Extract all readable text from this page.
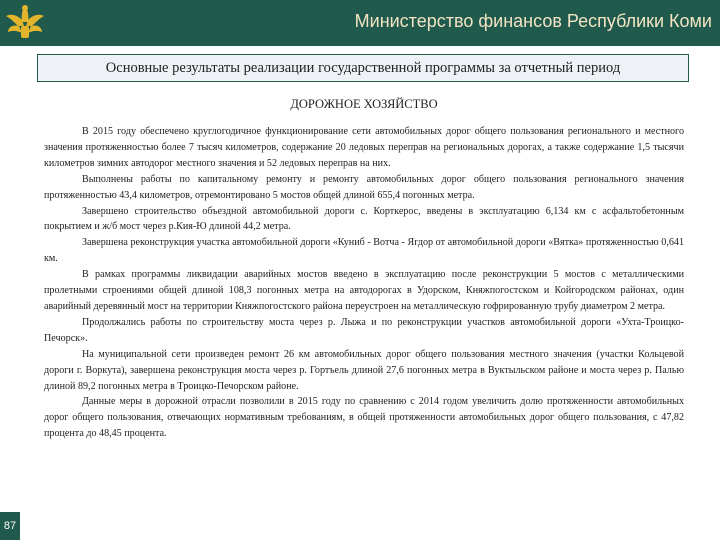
Министерство финансов Республики Коми
87
Основные результаты реализации государственной программы за отчетный период
ДОРОЖНОЕ ХОЗЯЙСТВО

В 2015 году обеспечено круглогодичное функционирование сети автомобильных дорог общего пользования регионального и местного значения протяженностью более 7 тысяч километров, содержание 20 ледовых переправ на региональных дорогах, а также содержание 1,5 тысячи километров зимних автодорог местного значения и 52 ледовых переправ на них.

Выполнены работы по капитальному ремонту и ремонту автомобильных дорог общего пользования регионального значения протяженностью 43,4 километров, отремонтировано 5 мостов общей длиной 655,4 погонных метра.

Завершено строительство объездной автомобильной дороги с. Корткерос, введены в эксплуатацию 6,134 км с асфальтобетонным покрытием и ж/б мост через р.Кия-Ю длиной 44,2 метра.

Завершена реконструкция участка автомобильной дороги «Куниб - Вотча - Ягдор от автомобильной дороги «Вятка» протяженностью 0,641 км.

В рамках программы ликвидации аварийных мостов введено в эксплуатацию после реконструкции 5 мостов с металлическими пролетными строениями общей длиной 108,3 погонных метра на автодорогах в Удорском, Княжпогостском и Койгородском районах, один аварийный деревянный мост на территории Княжпогостского района переустроен на металлическую гофрированную трубу диаметром 2 метра.

Продолжались работы по строительству моста через р. Лыжа и по реконструкции участков автомобильной дороги «Ухта-Троицко-Печорск».

На муниципальной сети произведен ремонт 26 км автомобильных дорог общего пользования местного значения (участки Кольцевой дороги г. Воркута), завершена реконструкция моста через р. Гортъель длиной 27,6 погонных метра в Вуктыльском районе и моста через р. Палью длиной 89,2 погонных метра в Троицко-Печорском районе.

Данные меры в дорожной отрасли позволили в 2015 году по сравнению с 2014 годом увеличить долю протяженности автомобильных дорог общего пользования, отвечающих нормативным требованиям, в общей протяженности автомобильных дорог общего пользования, с 47,82 процента до 48,45 процента.
